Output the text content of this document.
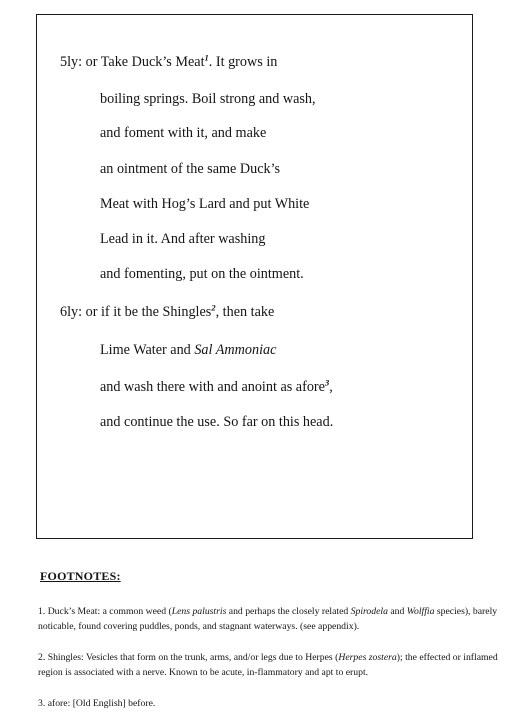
5ly: or Take Duck’s Meat$^1$. It grows in
boiling springs. Boil strong and wash,
and foment with it, and make
an ointment of the same Duck’s
Meat with Hog’s Lard and put White
Lead in it. And after washing
and fomenting, put on the ointment.
6ly: or if it be the Shingles$^2$, then take
Lime Water and Sal Ammoniac
and wash there with and anoint as afore$^3$,
and continue the use. So far on this head.
FOOTNOTES:
1. Duck’s Meat: a common weed (Lens palustris and perhaps the closely related Spirodela and Wolffia species), barely noticable, found covering puddles, ponds, and stagnant waterways. (see appendix).
2. Shingles: Vesicles that form on the trunk, arms, and/or legs due to Herpes (Herpes zostera); the effected or inflamed region is associated with a nerve. Known to be acute, in-flammatory and apt to erupt.
3. afore: [Old English] before.
